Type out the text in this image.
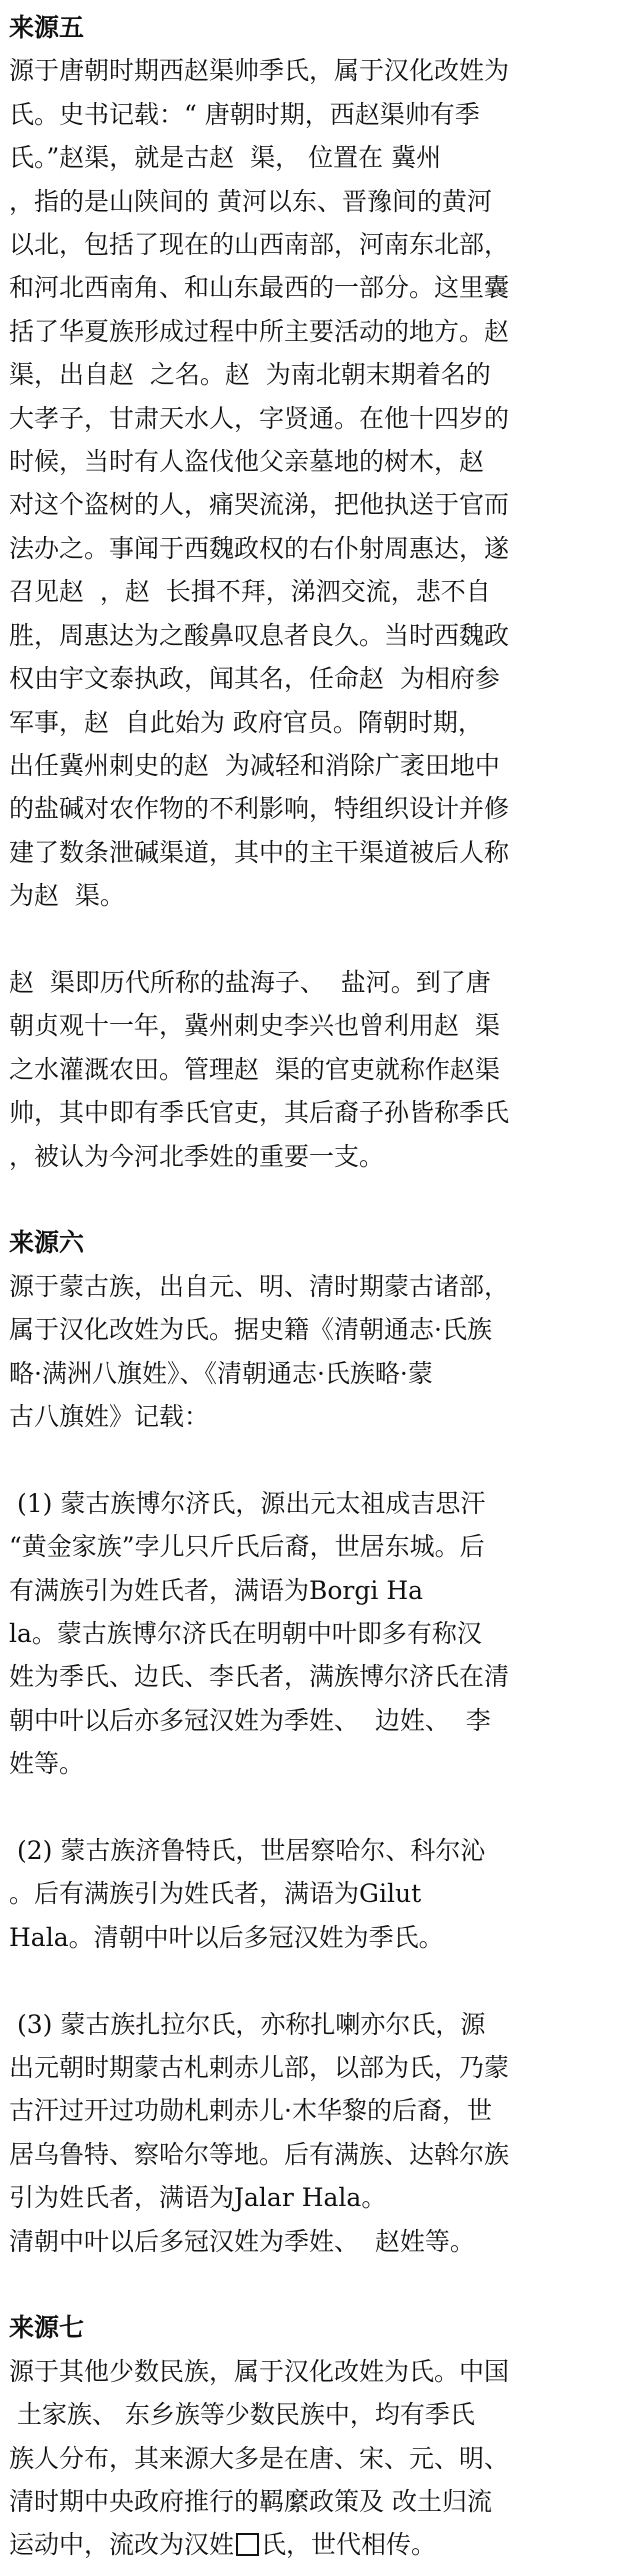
来源五

源于唐朝时期西赵渠帅季氏，属于汉化改姓为

氏。史书记载：“ 唐朝时期，西赵渠帅有季

氏。”赵渠，就是古赵  渠， 位置在 冀州

，指的是山陕间的 黄河以东、晋豫间的黄河

以北，包括了现在的山西南部，河南东北部，

和河北西南角、和山东最西的一部分。这里囊

括了华夏族形成过程中所主要活动的地方。赵

渠，出自赵  之名。赵  为南北朝末期着名的

大孝子，甘肃天水人，字贤通。在他十四岁的

时候，当时有人盗伐他父亲墓地的树木，赵

对这个盗树的人，痛哭流涕，把他执送于官而

法办之。事闻于西魏政权的右仆射周惠达，遂

召见赵  ，赵  长揖不拜，涕泗交流，悲不自

胜，周惠达为之酸鼻叹息者良久。当时西魏政

权由宇文泰执政，闻其名，任命赵  为相府参

军事，赵  自此始为 政府官员。隋朝时期，

出任冀州刺史的赵  为减轻和消除广袤田地中

的盐碱对农作物的不利影响，特组织设计并修

建了数条泄碱渠道，其中的主干渠道被后人称

为赵  渠。

赵  渠即历代所称的盐海子、  盐河。到了唐

朝贞观十一年，冀州刺史李兴也曾利用赵  渠

之水灌溉农田。管理赵  渠的官吏就称作赵渠

帅，其中即有季氏官吏，其后裔子孙皆称季氏

，被认为今河北季姓的重要一支。

来源六

源于蒙古族，出自元、明、清时期蒙古诸部，

属于汉化改姓为氏。据史籍《清朝通志·氏族

略·满洲八旗姓》、《清朝通志·氏族略·蒙

古八旗姓》记载：

(1) 蒙古族博尔济氏，源出元太祖成吉思汗

“黄金家族”孛儿只斤氏后裔，世居东城。后

有满族引为姓氏者，满语为Borgi Ha

la。蒙古族博尔济氏在明朝中叶即多有称汉

姓为季氏、边氏、李氏者，满族博尔济氏在清

朝中叶以后亦多冠汉姓为季姓、  边姓、  李

姓等。

(2) 蒙古族济鲁特氏，世居察哈尔、科尔沁

。后有满族引为姓氏者，满语为Gilut

Hala。清朝中叶以后多冠汉姓为季氏。

(3) 蒙古族扎拉尔氏，亦称扎喇亦尔氏，源

出元朝时期蒙古札剌赤儿部，以部为氏，乃蒙

古汗过开过功勋札剌赤儿·木华黎的后裔，世

居乌鲁特、察哈尔等地。后有满族、达斡尔族

引为姓氏者，满语为Jalar Hala。

清朝中叶以后多冠汉姓为季姓、  赵姓等。

来源七

源于其他少数民族，属于汉化改姓为氏。中国

土家族、 东乡族等少数民族中，均有季氏

族人分布，其来源大多是在唐、宋、元、明、

清时期中央政府推行的羁縻政策及 改土归流

运动中，流改为汉姓 氏，世代相传。
